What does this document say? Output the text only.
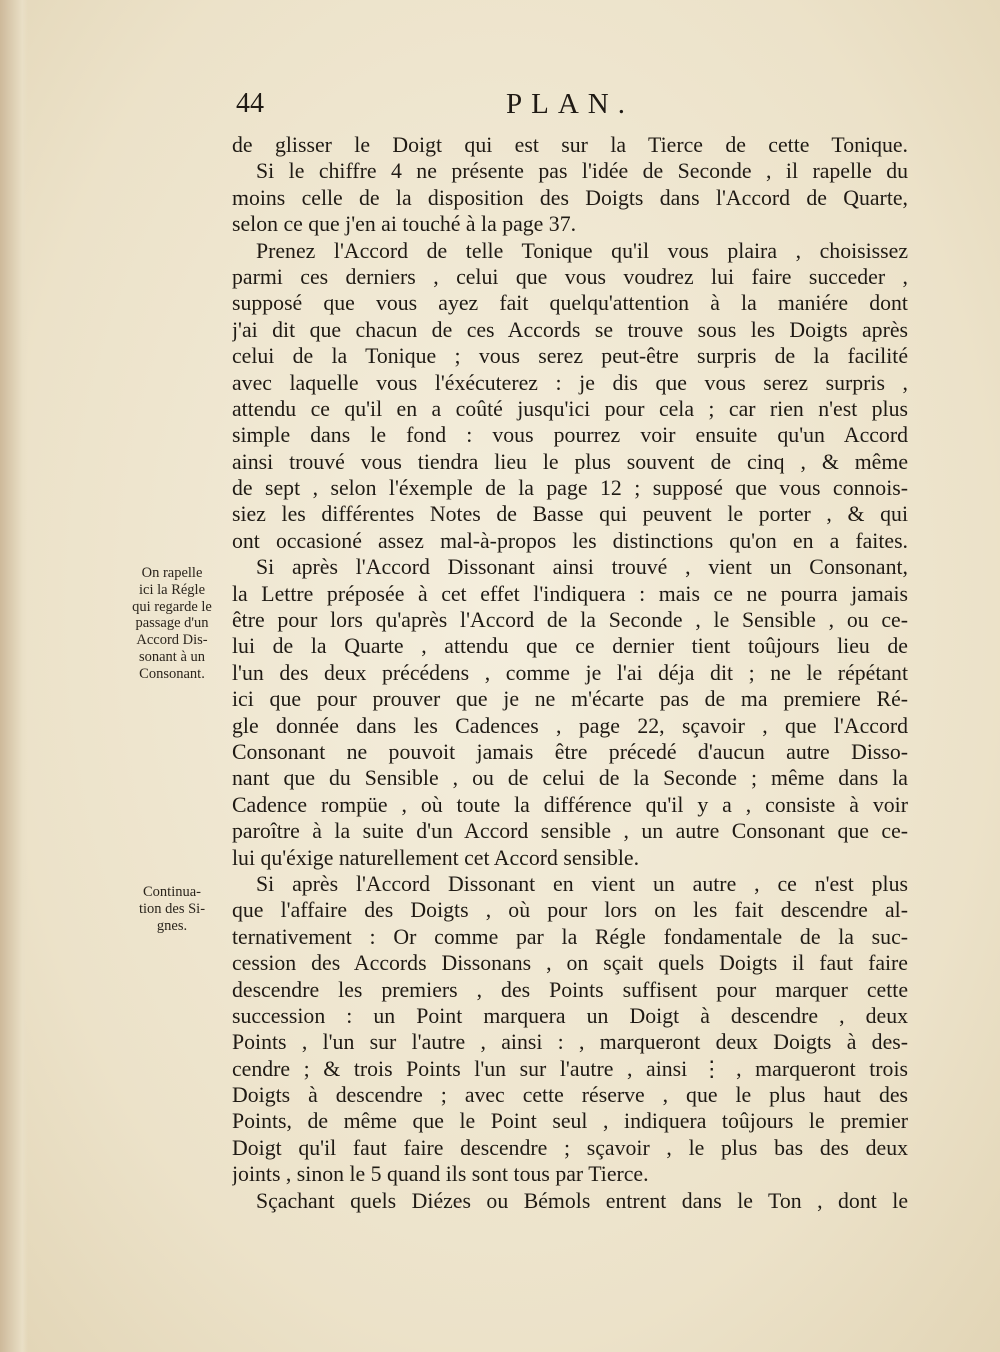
44	PLAN.
On rapelle
ici la Régle
qui regarde le
passage d'un
Accord Dis-
sonant à un
Consonant.
Continua-
tion des Si-
gnes.
de glisser le Doigt qui est sur la Tierce de cette Tonique.
Si le chiffre 4 ne présente pas l'idée de Seconde , il rapelle du
moins celle de la disposition des Doigts dans l'Accord de Quarte,
selon ce que j'en ai touché à la page 37.
Prenez l'Accord de telle Tonique qu'il vous plaira , choisissez
parmi ces derniers , celui que vous voudrez lui faire succeder ,
supposé que vous ayez fait quelqu'attention à la maniére dont
j'ai dit que chacun de ces Accords se trouve sous les Doigts après
celui de la Tonique ; vous serez peut-être surpris de la facilité
avec laquelle vous l'éxécuterez : je dis que vous serez surpris ,
attendu ce qu'il en a coûté jusqu'ici pour cela ; car rien n'est plus
simple dans le fond : vous pourrez voir ensuite qu'un Accord
ainsi trouvé vous tiendra lieu le plus souvent de cinq , & même
de sept , selon l'éxemple de la page 12 ; supposé que vous connois-
siez les différentes Notes de Basse qui peuvent le porter , & qui
ont occasioné assez mal-à-propos les distinctions qu'on en a faites.
Si après l'Accord Dissonant ainsi trouvé , vient un Consonant,
la Lettre préposée à cet effet l'indiquera : mais ce ne pourra jamais
être pour lors qu'après l'Accord de la Seconde , le Sensible , ou ce-
lui de la Quarte , attendu que ce dernier tient toûjours lieu de
l'un des deux précédens , comme je l'ai déja dit ; ne le répétant
ici que pour prouver que je ne m'écarte pas de ma premiere Ré-
gle donnée dans les Cadences , page 22, sçavoir , que l'Accord
Consonant ne pouvoit jamais être précedé d'aucun autre Disso-
nant que du Sensible , ou de celui de la Seconde ; même dans la
Cadence rompüe , où toute la différence qu'il y a , consiste à voir
paroître à la suite d'un Accord sensible , un autre Consonant que ce-
lui qu'éxige naturellement cet Accord sensible.
Si après l'Accord Dissonant en vient un autre , ce n'est plus
que l'affaire des Doigts , où pour lors on les fait descendre al-
ternativement : Or comme par la Régle fondamentale de la suc-
cession des Accords Dissonans , on sçait quels Doigts il faut faire
descendre les premiers , des Points suffisent pour marquer cette
succession : un Point marquera un Doigt à descendre , deux
Points , l'un sur l'autre , ainsi : , marqueront deux Doigts à des-
cendre ; & trois Points l'un sur l'autre , ainsi ⋮ , marqueront trois
Doigts à descendre ; avec cette réserve , que le plus haut des
Points, de même que le Point seul , indiquera toûjours le premier
Doigt qu'il faut faire descendre ; sçavoir , le plus bas des deux
joints , sinon le 5 quand ils sont tous par Tierce.
Sçachant quels Diézes ou Bémols entrent dans le Ton , dont le
